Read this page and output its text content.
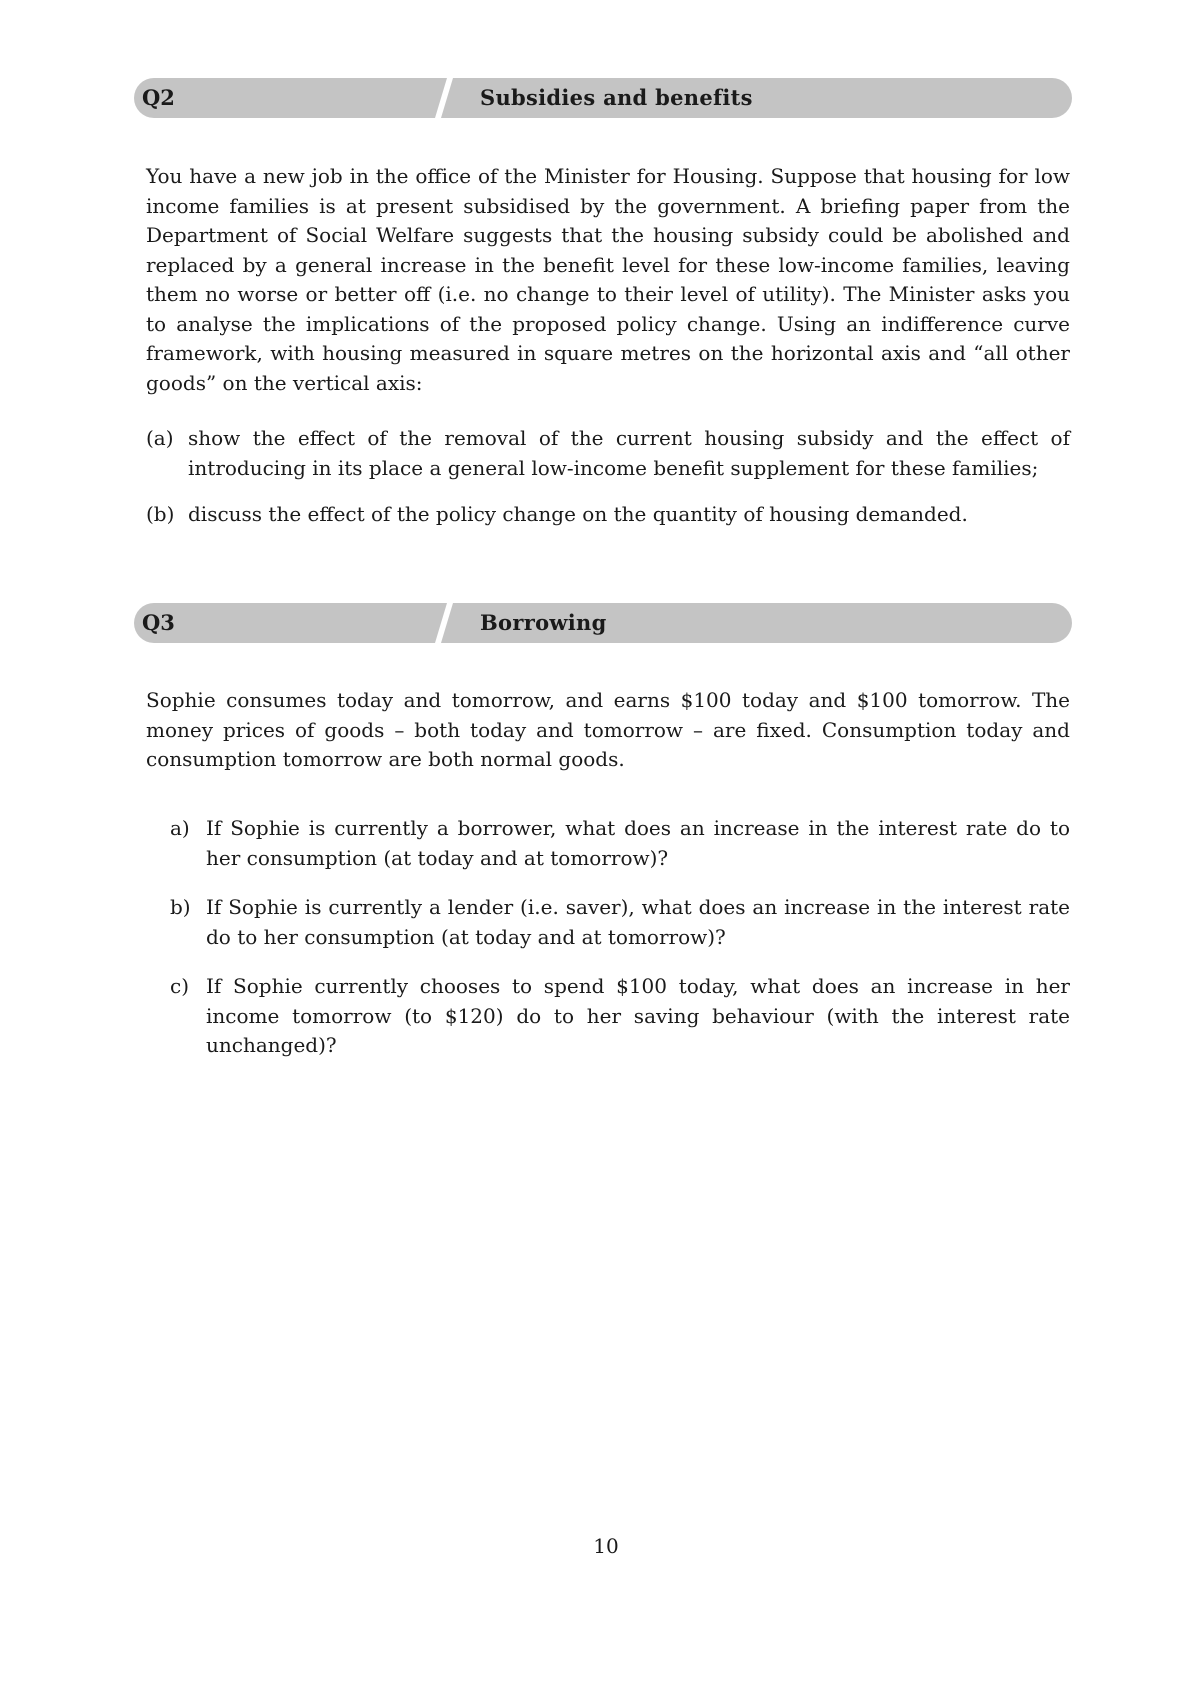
Q2	Subsidies and benefits

You have a new job in the office of the Minister for Housing. Suppose that housing for low income families is at present subsidised by the government. A briefing paper from the Department of Social Welfare suggests that the housing subsidy could be abolished and replaced by a general increase in the benefit level for these low-income families, leaving them no worse or better off (i.e. no change to their level of utility). The Minister asks you to analyse the implications of the proposed policy change. Using an indifference curve framework, with housing measured in square metres on the horizontal axis and “all other goods” on the vertical axis:

(a) show the effect of the removal of the current housing subsidy and the effect of introducing in its place a general low-income benefit supplement for these families;
(b) discuss the effect of the policy change on the quantity of housing demanded.
Q3	Borrowing

Sophie consumes today and tomorrow, and earns $100 today and $100 tomorrow. The money prices of goods – both today and tomorrow – are fixed. Consumption today and consumption tomorrow are both normal goods.

a) If Sophie is currently a borrower, what does an increase in the interest rate do to her consumption (at today and at tomorrow)?
b) If Sophie is currently a lender (i.e. saver), what does an increase in the interest rate do to her consumption (at today and at tomorrow)?
c) If Sophie currently chooses to spend $100 today, what does an increase in her income tomorrow (to $120) do to her saving behaviour (with the interest rate unchanged)?
10
